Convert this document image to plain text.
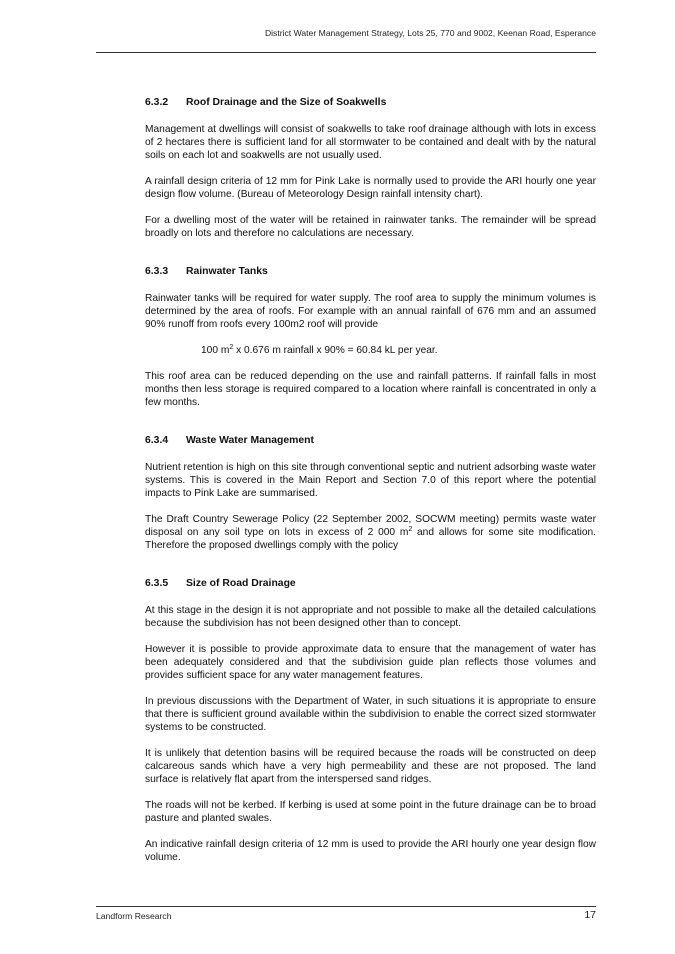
District Water Management Strategy, Lots 25, 770 and 9002, Keenan Road, Esperance
6.3.2 Roof Drainage and the Size of Soakwells

Management at dwellings will consist of soakwells to take roof drainage although with lots in excess of 2 hectares there is sufficient land for all stormwater to be contained and dealt with by the natural soils on each lot and soakwells are not usually used.

A rainfall design criteria of 12 mm for Pink Lake is normally used to provide the ARI hourly one year design flow volume. (Bureau of Meteorology Design rainfall intensity chart).

For a dwelling most of the water will be retained in rainwater tanks. The remainder will be spread broadly on lots and therefore no calculations are necessary.

6.3.3 Rainwater Tanks

Rainwater tanks will be required for water supply. The roof area to supply the minimum volumes is determined by the area of roofs. For example with an annual rainfall of 676 mm and an assumed 90% runoff from roofs every 100m2 roof will provide

100 $m^2$ x 0.676 m rainfall x 90% = 60.84 kL per year.

This roof area can be reduced depending on the use and rainfall patterns. If rainfall falls in most months then less storage is required compared to a location where rainfall is concentrated in only a few months.

6.3.4 Waste Water Management

Nutrient retention is high on this site through conventional septic and nutrient adsorbing waste water systems. This is covered in the Main Report and Section 7.0 of this report where the potential impacts to Pink Lake are summarised.

The Draft Country Sewerage Policy (22 September 2002, SOCWM meeting) permits waste water disposal on any soil type on lots in excess of 2 000 $m^2$ and allows for some site modification. Therefore the proposed dwellings comply with the policy

6.3.5 Size of Road Drainage

At this stage in the design it is not appropriate and not possible to make all the detailed calculations because the subdivision has not been designed other than to concept.

However it is possible to provide approximate data to ensure that the management of water has been adequately considered and that the subdivision guide plan reflects those volumes and provides sufficient space for any water management features.

In previous discussions with the Department of Water, in such situations it is appropriate to ensure that there is sufficient ground available within the subdivision to enable the correct sized stormwater systems to be constructed.

It is unlikely that detention basins will be required because the roads will be constructed on deep calcareous sands which have a very high permeability and these are not proposed. The land surface is relatively flat apart from the interspersed sand ridges.

The roads will not be kerbed. If kerbing is used at some point in the future drainage can be to broad pasture and planted swales.

An indicative rainfall design criteria of 12 mm is used to provide the ARI hourly one year design flow volume.

Landform Research	17
